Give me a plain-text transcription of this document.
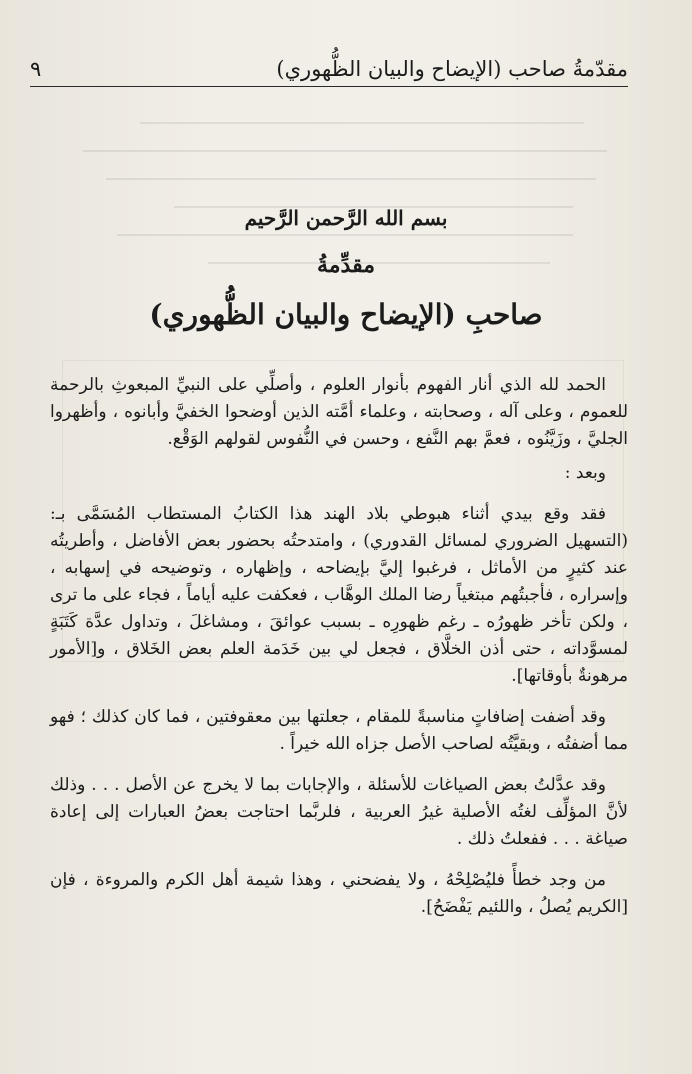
مقدّمةُ صاحب (الإيضاح والبيان الظُّهوري)
٩
بسم الله الرَّحمن الرَّحيم
مقدِّمةُ
صاحبِ (الإيضاح والبيان الظُّهوري)

الحمد لله الذي أنار الفهوم بأنوار العلوم ، وأصلِّي على النبيِّ المبعوثِ بالرحمة للعموم ، وعلى آله ، وصحابته ، وعلماء أمَّته الذين أوضحوا الخفيَّ وأبانوه ، وأظهروا الجليَّ ، وزَيَّنُوه ، فعمَّ بهم النَّفع ، وحسن في النُّفوس لقولهم الوَقْع.

وبعد :

فقد وقع بيدي أثناء هبوطي بلاد الهند هذا الكتابُ المستطاب المُسَمَّى بـ: (التسهيل الضروري لمسائل القدوري) ، وامتدحتُه بحضور بعض الأفاضل ، وأطريتُه عند كثيرٍ من الأماثل ، فرغبوا إليَّ بإيضاحه ، وإظهاره ، وتوضيحه في إسهابه ، وإسراره ، فأجبتُهم مبتغياً رضا الملك الوهَّاب ، فعكفت عليه أياماً ، فجاء على ما ترى ، ولكن تأخر ظهورُه ـ رغم ظهورِه ـ بسبب عوائقَ ، ومشاغلَ ، وتداول عدَّة كَتَبَةٍ لمسوَّداته ، حتى أذن الخلَّاق ، فجعل لي بين خَدَمة العلم بعض الخَلاق ، و[الأمور مرهونةٌ بأوقاتها].

وقد أضفت إضافاتٍ مناسبةً للمقام ، جعلتها بين معقوفتين ، فما كان كذلك ؛ فهو مما أضفتُه ، وبقيَّتُه لصاحب الأصل جزاه الله خيراً .

وقد عدَّلتُ بعض الصياغات للأسئلة ، والإجابات بما لا يخرج عن الأصل . . . وذلك لأنَّ المؤلِّف لغتُه الأصلية غيرُ العربية ، فلربَّما احتاجت بعضُ العبارات إلى إعادة صياغة . . . ففعلتُ ذلك .

من وجد خطأً فليُصْلِحْهُ ، ولا يفضحني ، وهذا شيمة أهل الكرم والمروءة ، فإن [الكريم يُصلُ ، واللئيم يَفْضَحُ].
